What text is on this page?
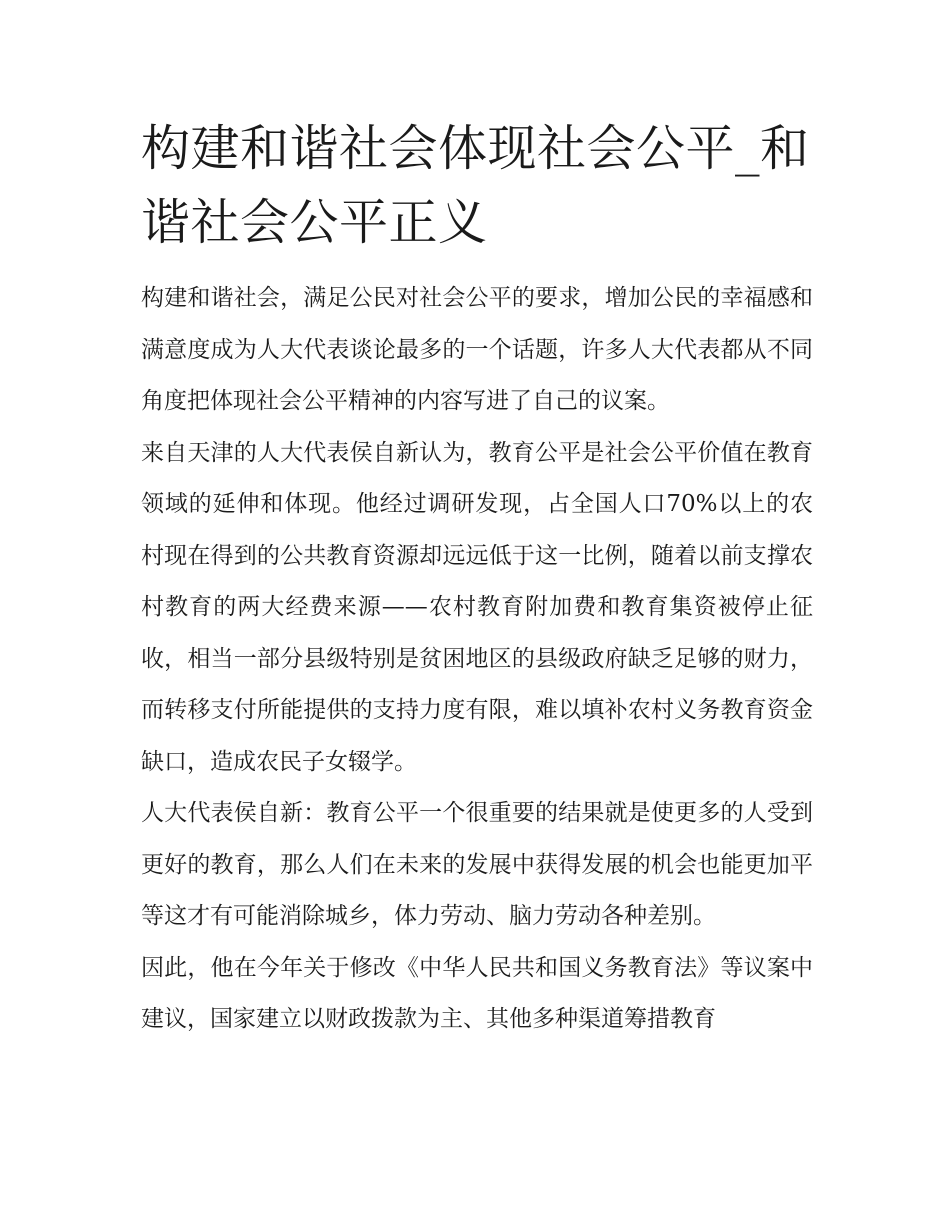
构建和谐社会体现社会公平_和谐社会公平正义

构建和谐社会，满足公民对社会公平的要求，增加公民的幸福感和满意度成为人大代表谈论最多的一个话题，许多人大代表都从不同角度把体现社会公平精神的内容写进了自己的议案。

来自天津的人大代表侯自新认为，教育公平是社会公平价值在教育领域的延伸和体现。他经过调研发现，占全国人口70%以上的农村现在得到的公共教育资源却远远低于这一比例，随着以前支撑农村教育的两大经费来源——农村教育附加费和教育集资被停止征收，相当一部分县级特别是贫困地区的县级政府缺乏足够的财力，而转移支付所能提供的支持力度有限，难以填补农村义务教育资金缺口，造成农民子女辍学。

人大代表侯自新：教育公平一个很重要的结果就是使更多的人受到更好的教育，那么人们在未来的发展中获得发展的机会也能更加平等这才有可能消除城乡，体力劳动、脑力劳动各种差别。

因此，他在今年关于修改《中华人民共和国义务教育法》等议案中建议，国家建立以财政拨款为主、其他多种渠道筹措教育
